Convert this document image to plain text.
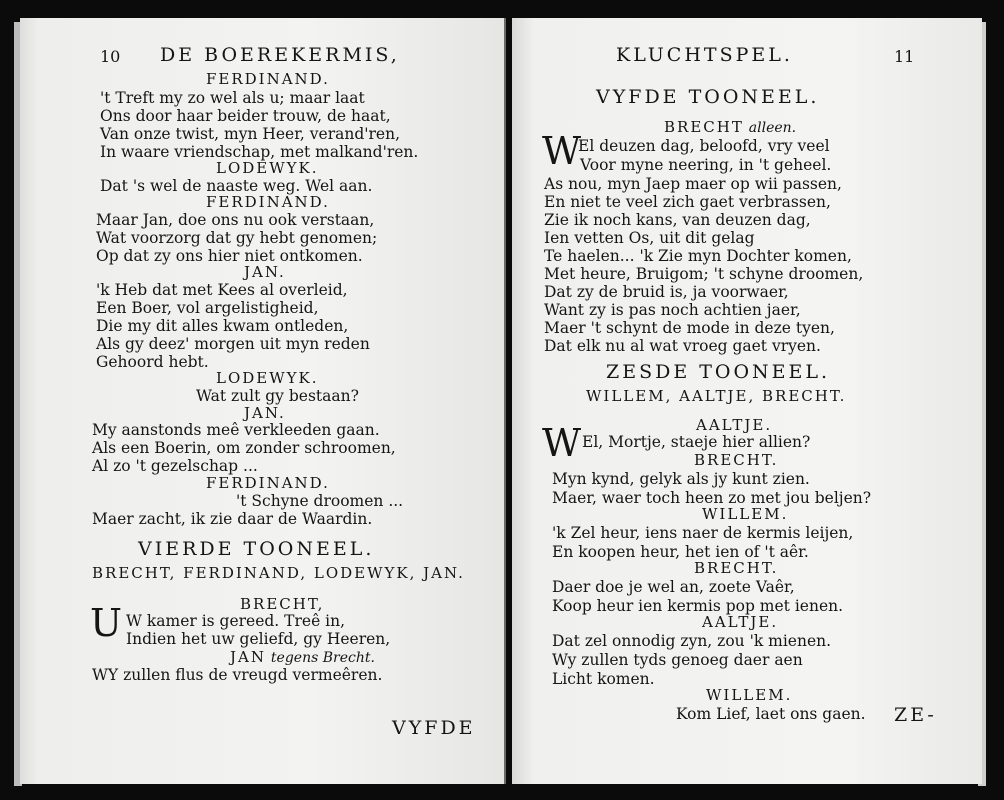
10 DE BOEREKERMIS,	KLUCHTSPEL.	11
FERDINAND.
't Treft my zo wel als u; maar laat
Ons door haar beider trouw, de haat,
Van onze twist, myn Heer, verand'ren,
In waare vriendschap, met malkand'ren.
LODEWYK.
Dat 's wel de naaste weg. Wel aan.
FERDINAND.
Maar Jan, doe ons nu ook verstaan,
Wat voorzorg dat gy hebt genomen;
Op dat zy ons hier niet ontkomen.
JAN.
'k Heb dat met Kees al overleid,
Een Boer, vol argelistigheid,
Die my dit alles kwam ontleden,
Als gy deez' morgen uit myn reden
Gehoord hebt.
LODEWYK.
Wat zult gy bestaan?
JAN.
My aanstonds meê verkleeden gaan.
Als een Boerin, om zonder schroomen,
Al zo 't gezelschap ...
FERDINAND.
't Schyne droomen ...
Maer zacht, ik zie daar de Waardin.
VIERDE TOONEEL.
BRECHT, FERDINAND, LODEWYK, JAN.
BRECHT,
W kamer is gereed. Treê in,
Indien het uw geliefd, gy Heeren,
WY zullen flus de vreugd vermeêren.
VYFDE
VYFDE TOONEEL.
W
El deuzen dag, beloofd, vry veel
Voor myne neering, in 't geheel.
As nou, myn Jaep maer op wii passen,
En niet te veel zich gaet verbrassen,
Zie ik noch kans, van deuzen dag,
Ien vetten Os, uit dit gelag
Te haelen... 'k Zie myn Dochter komen,
Met heure, Bruigom; 't schyne droomen,
Dat zy de bruid is, ja voorwaer,
Want zy is pas noch achtien jaer,
Maer 't schynt de mode in deze tyen,
Dat elk nu al wat vroeg gaet vryen.
ZESDE TOONEEL.
WILLEM, AALTJE, BRECHT.
AALTJE.
W El, Mortje, staeje hier allien?
BRECHT.
Myn kynd, gelyk als jy kunt zien.
Maer, waer toch heen zo met jou beljen?
WILLEM.
'k Zel heur, iens naer de kermis leijen,
En koopen heur, het ien of 't aêr.
BRECHT.
Daer doe je wel an, zoete Vaêr,
Koop heur ien kermis pop met ienen.
AALTJE.
Dat zel onnodig zyn, zou 'k mienen.
Wy zullen tyds genoeg daer aen
Licht komen.
WILLEM.
Kom Lief, laet ons gaen. ZE-
U
JAN tegens Brecht.
BRECHT alleen.
